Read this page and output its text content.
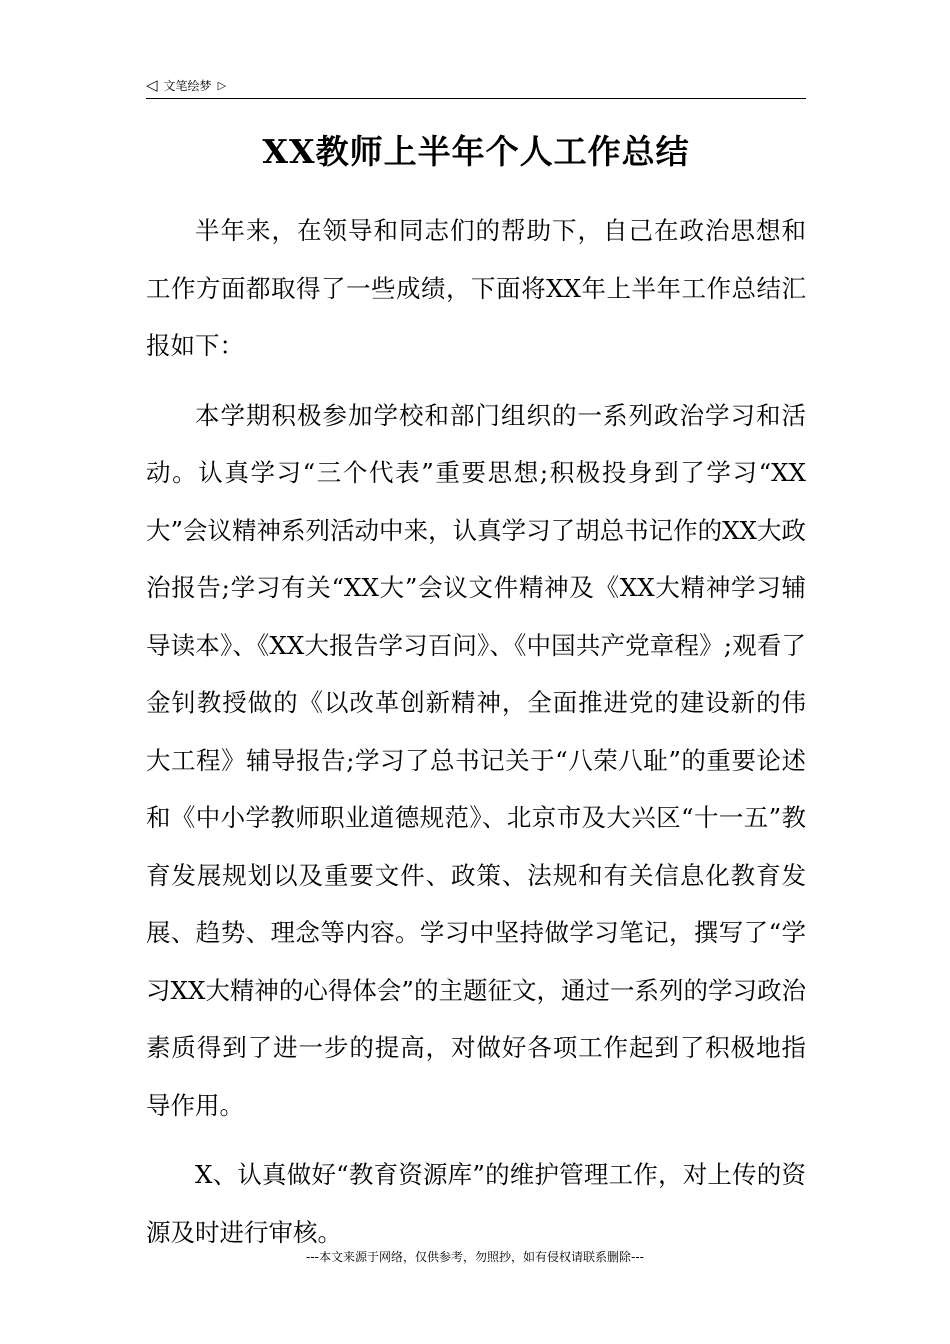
◁ 文笔绘梦 ▷
XX教师上半年个人工作总结

半年来，在领导和同志们的帮助下，自己在政治思想和工作方面都取得了一些成绩，下面将XX年上半年工作总结汇报如下：

本学期积极参加学校和部门组织的一系列政治学习和活动。认真学习“三个代表”重要思想;积极投身到了学习“XX大”会议精神系列活动中来，认真学习了胡总书记作的XX大政治报告;学习有关“XX大”会议文件精神及《XX大精神学习辅导读本》、《XX大报告学习百问》、《中国共产党章程》;观看了金钊教授做的《以改革创新精神，全面推进党的建设新的伟大工程》辅导报告;学习了总书记关于“八荣八耻”的重要论述和《中小学教师职业道德规范》、北京市及大兴区“十一五”教育发展规划以及重要文件、政策、法规和有关信息化教育发展、趋势、理念等内容。学习中坚持做学习笔记，撰写了“学习XX大精神的心得体会”的主题征文，通过一系列的学习政治素质得到了进一步的提高，对做好各项工作起到了积极地指导作用。

X、认真做好“教育资源库”的维护管理工作，对上传的资源及时进行审核。

---本文来源于网络，仅供参考，勿照抄，如有侵权请联系删除---
